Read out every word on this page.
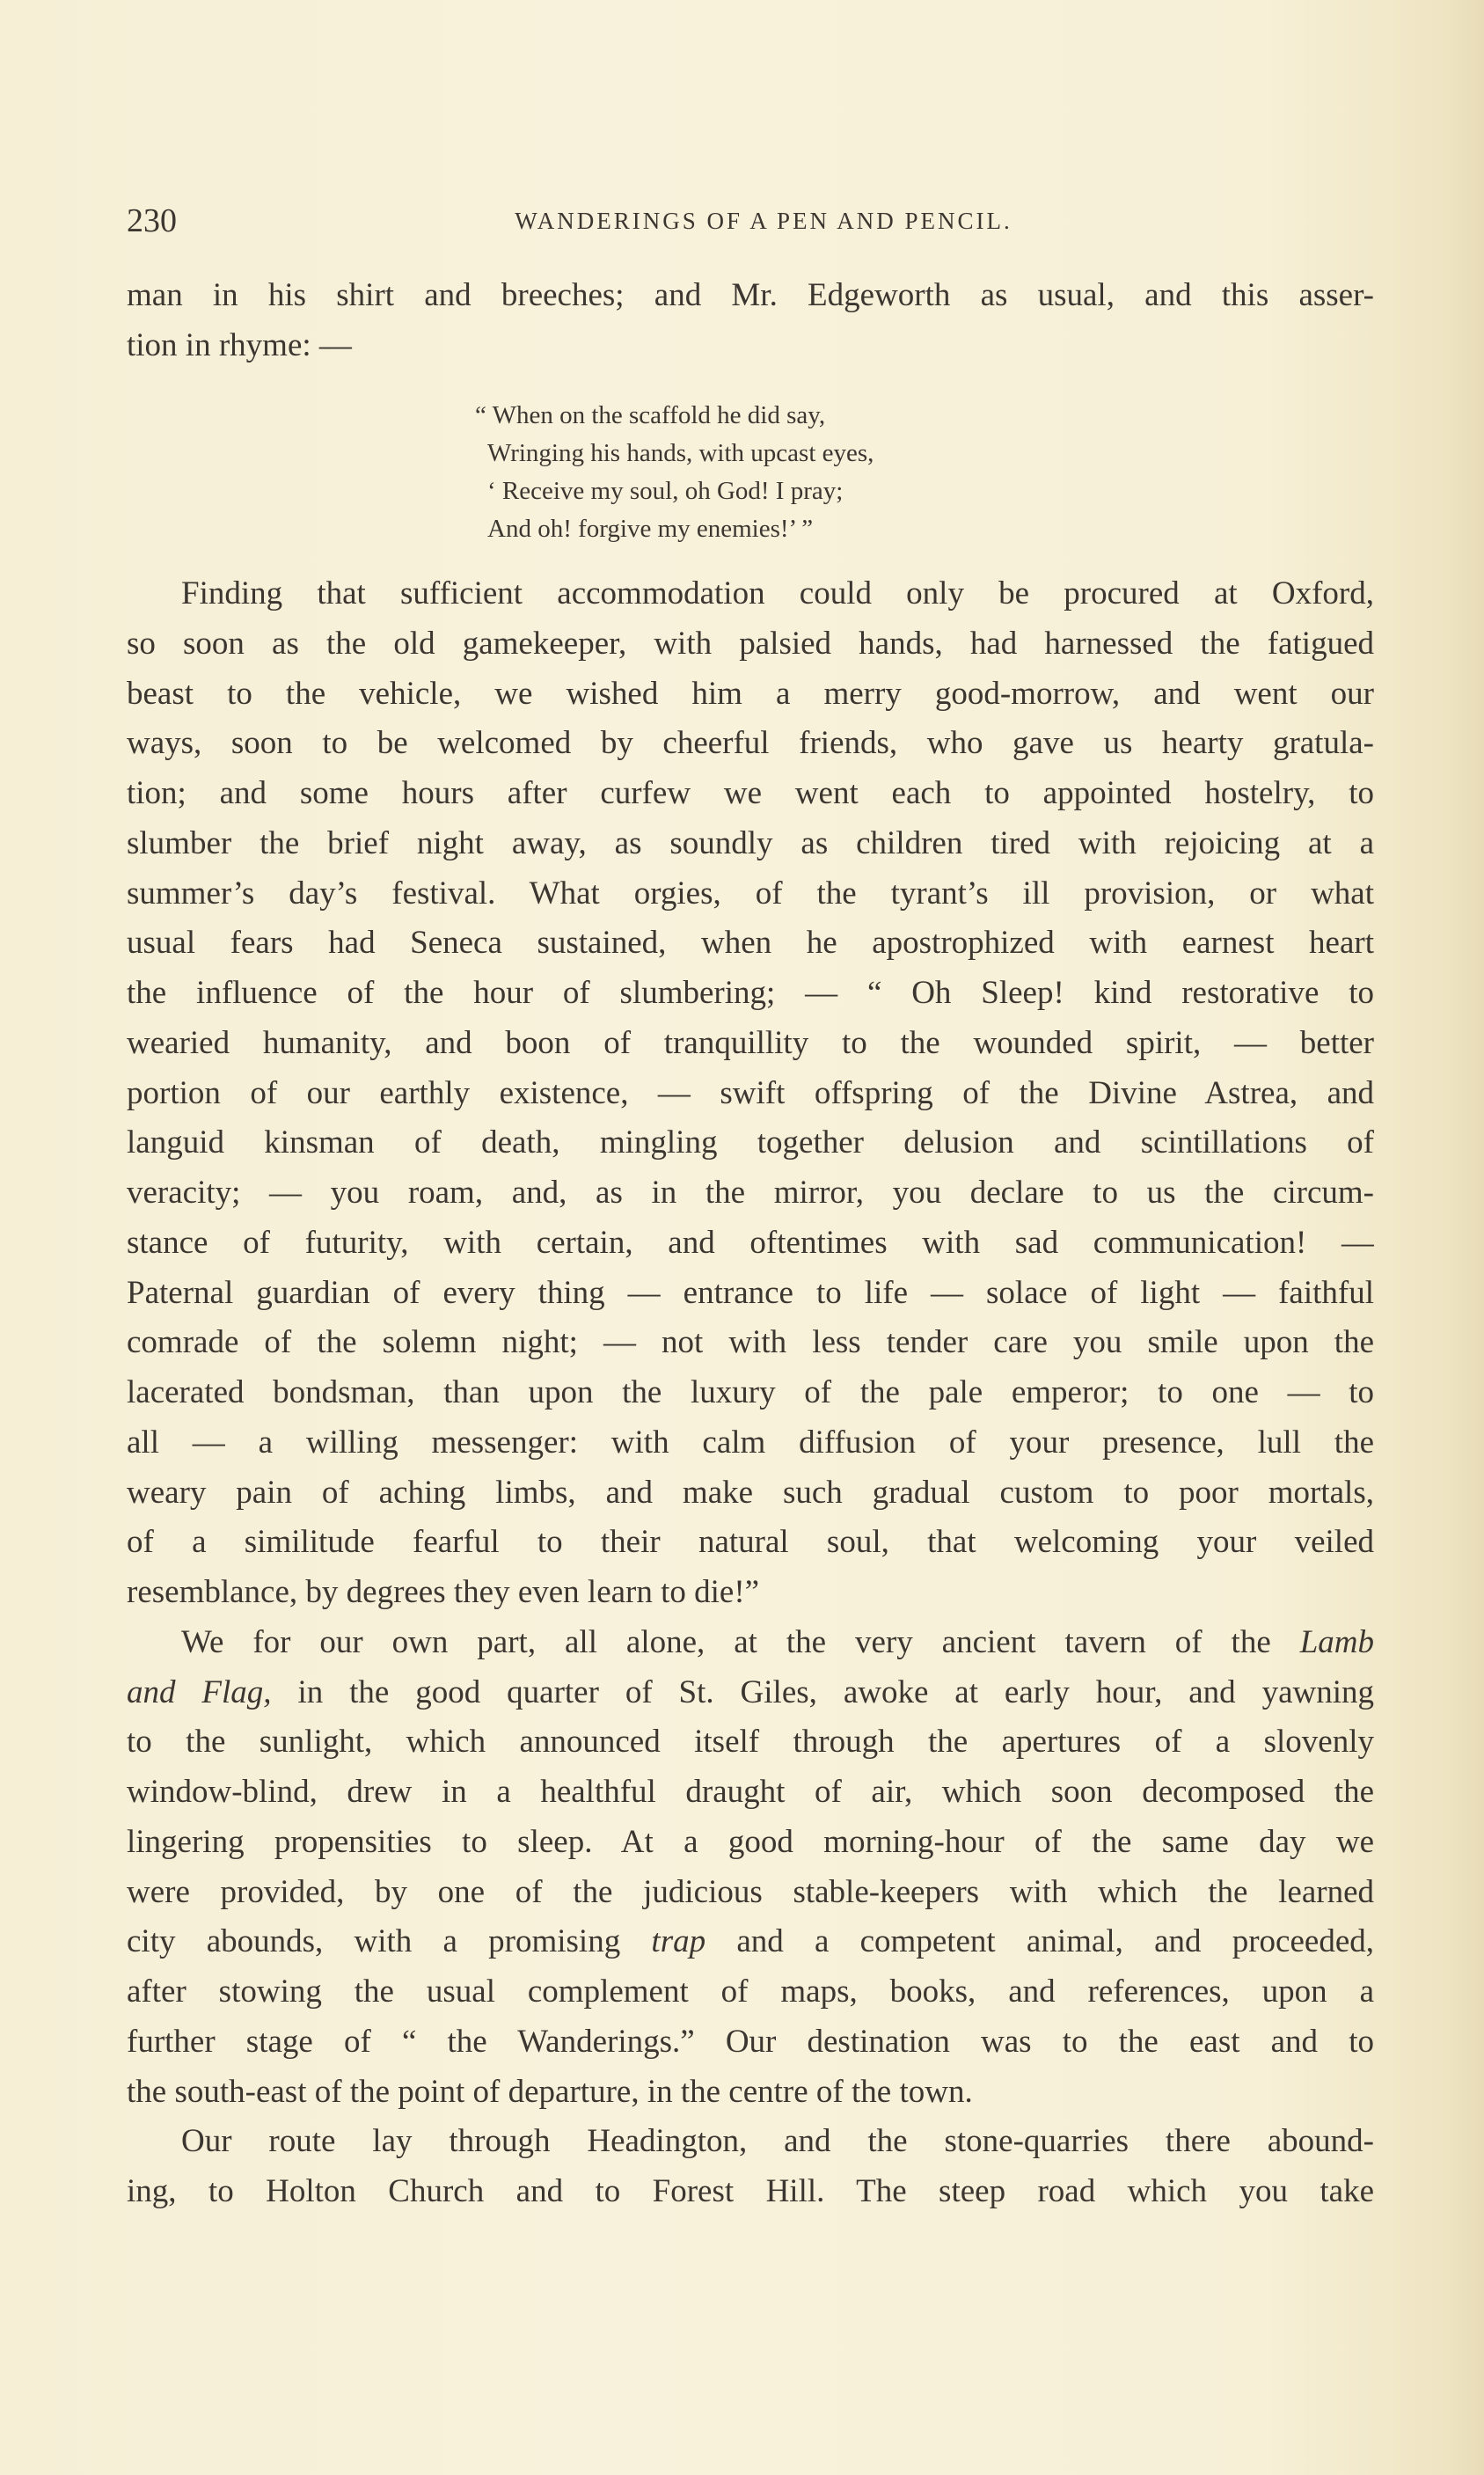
230	WANDERINGS OF A PEN AND PENCIL.
man in his shirt and breeches; and Mr. Edgeworth as usual, and this asser-
tion in rhyme: —
“ When on the scaffold he did say,
Wringing his hands, with upcast eyes,
‘ Receive my soul, oh God! I pray;
And oh! forgive my enemies!’ ”
Finding that sufficient accommodation could only be procured at Oxford,
so soon as the old gamekeeper, with palsied hands, had harnessed the fatigued
beast to the vehicle, we wished him a merry good-morrow, and went our
ways, soon to be welcomed by cheerful friends, who gave us hearty gratula-
tion; and some hours after curfew we went each to appointed hostelry, to
slumber the brief night away, as soundly as children tired with rejoicing at a
summer’s day’s festival. What orgies, of the tyrant’s ill provision, or what
usual fears had Seneca sustained, when he apostrophized with earnest heart
the influence of the hour of slumbering; — “ Oh Sleep! kind restorative to
wearied humanity, and boon of tranquillity to the wounded spirit, — better
portion of our earthly existence, — swift offspring of the Divine Astrea, and
languid kinsman of death, mingling together delusion and scintillations of
veracity; — you roam, and, as in the mirror, you declare to us the circum-
stance of futurity, with certain, and oftentimes with sad communication! —
Paternal guardian of every thing — entrance to life — solace of light — faithful
comrade of the solemn night; — not with less tender care you smile upon the
lacerated bondsman, than upon the luxury of the pale emperor; to one — to
all — a willing messenger: with calm diffusion of your presence, lull the
weary pain of aching limbs, and make such gradual custom to poor mortals,
of a similitude fearful to their natural soul, that welcoming your veiled
resemblance, by degrees they even learn to die!”
We for our own part, all alone, at the very ancient tavern of the Lamb
and Flag, in the good quarter of St. Giles, awoke at early hour, and yawning
to the sunlight, which announced itself through the apertures of a slovenly
window-blind, drew in a healthful draught of air, which soon decomposed the
lingering propensities to sleep. At a good morning-hour of the same day we
were provided, by one of the judicious stable-keepers with which the learned
city abounds, with a promising trap and a competent animal, and proceeded,
after stowing the usual complement of maps, books, and references, upon a
further stage of “ the Wanderings.” Our destination was to the east and to
the south-east of the point of departure, in the centre of the town.
Our route lay through Headington, and the stone-quarries there abound-
ing, to Holton Church and to Forest Hill. The steep road which you take
